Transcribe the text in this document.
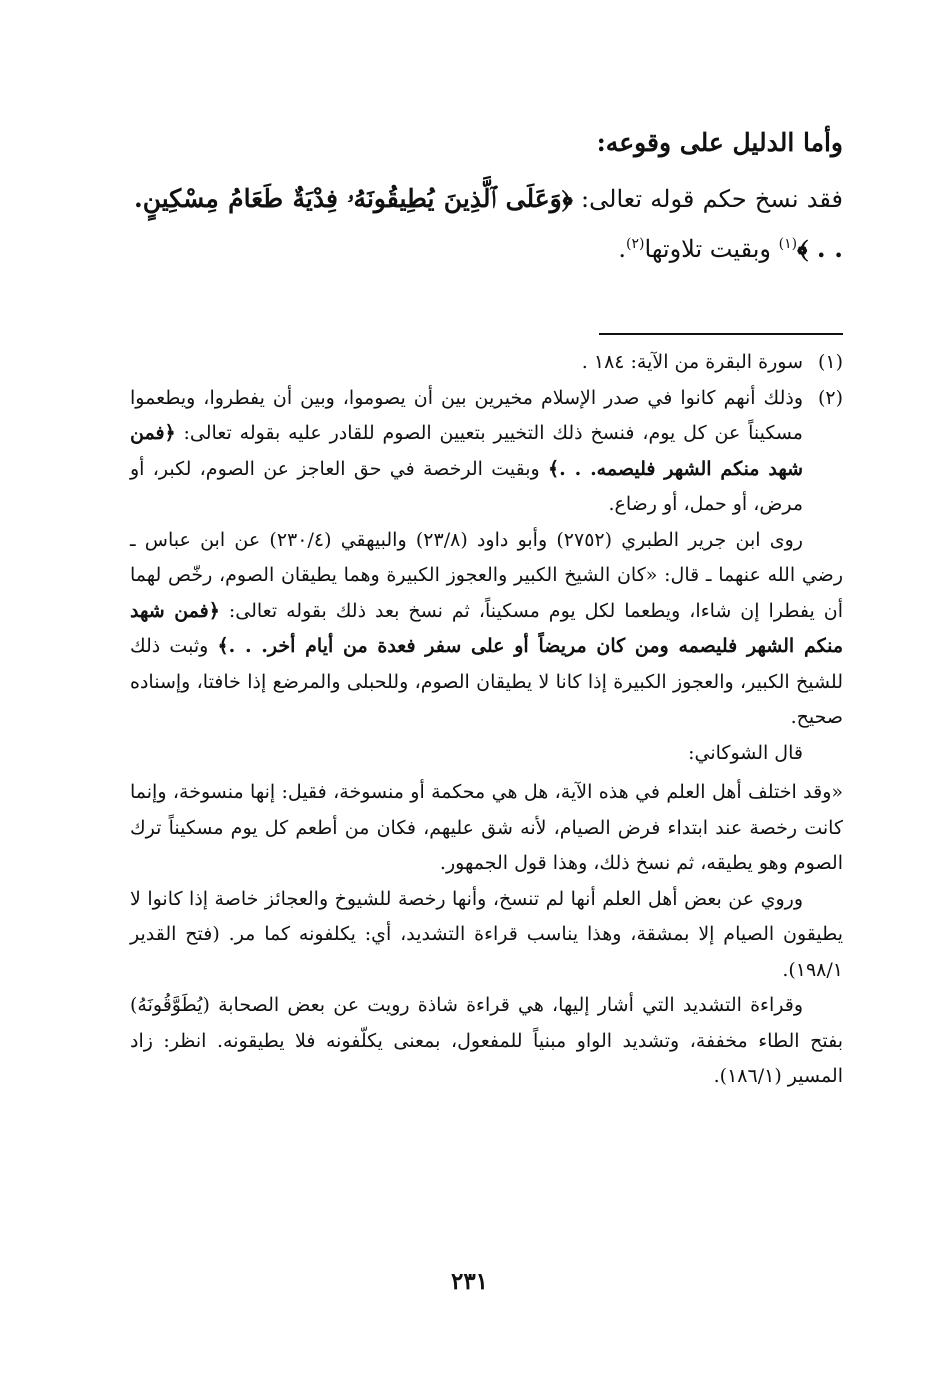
وأما الدليل على وقوعه:
فقد نسخ حكم قوله تعالى: ﴿وَعَلَى ٱلَّذِينَ يُطِيقُونَهُۥ فِدْيَةٌ طَعَامُ مِسْكِينٍ. . . ﴾$^{(١)}$ وبقيت تلاوتها$^{(٢)}$.
(١)
سورة البقرة من الآية: ١٨٤ .
(٢)
وذلك أنهم كانوا في صدر الإسلام مخيرين بين أن يصوموا، وبين أن يفطروا، ويطعموا مسكيناً عن كل يوم، فنسخ ذلك التخيير بتعيين الصوم للقادر عليه بقوله تعالى: ﴿فمن شهد منكم الشهر فليصمه. . .﴾ وبقيت الرخصة في حق العاجز عن الصوم، لكبر، أو مرض، أو حمل، أو رضاع.
روى ابن جرير الطبري (٢٧٥٢) وأبو داود (٢٣/٨) والبيهقي (٢٣٠/٤) عن ابن عباس ـ رضي الله عنهما ـ قال: «كان الشيخ الكبير والعجوز الكبيرة وهما يطيقان الصوم، رخّص لهما أن يفطرا إن شاءا، ويطعما لكل يوم مسكيناً، ثم نسخ بعد ذلك بقوله تعالى: ﴿فمن شهد منكم الشهر فليصمه ومن كان مريضاً أو على سفر فعدة من أيام أخر. . .﴾ وثبت ذلك للشيخ الكبير، والعجوز الكبيرة إذا كانا لا يطيقان الصوم، وللحبلى والمرضع إذا خافتا، وإسناده صحيح.
قال الشوكاني:
«وقد اختلف أهل العلم في هذه الآية، هل هي محكمة أو منسوخة، فقيل: إنها منسوخة، وإنما كانت رخصة عند ابتداء فرض الصيام، لأنه شق عليهم، فكان من أطعم كل يوم مسكيناً ترك الصوم وهو يطيقه، ثم نسخ ذلك، وهذا قول الجمهور.
وروي عن بعض أهل العلم أنها لم تنسخ، وأنها رخصة للشيوخ والعجائز خاصة إذا كانوا لا يطيقون الصيام إلا بمشقة، وهذا يناسب قراءة التشديد، أي: يكلفونه كما مر. (فتح القدير ١٩٨/١).
وقراءة التشديد التي أشار إليها، هي قراءة شاذة رويت عن بعض الصحابة (يُطَوَّقُونَهُ) بفتح الطاء مخففة، وتشديد الواو مبنياً للمفعول، بمعنى يكلّفونه فلا يطيقونه. انظر: زاد المسير (١٨٦/١).
٢٣١
